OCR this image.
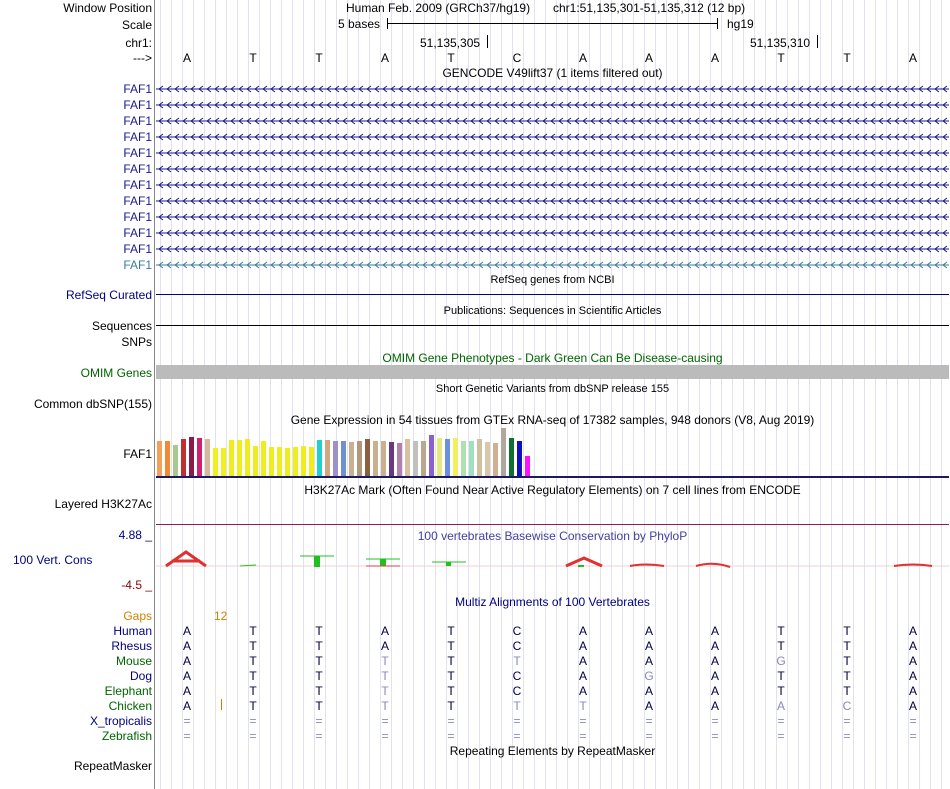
Window Position	Human Feb. 2009 (GRCh37/hg19) chr1:51,135,301-51,135,312 (12 bp)
Scale	5 bases	hg19
chr1:	51,135,305	51,135,310
--->	A	T	T	A	T	C	A	A	A	T	T	A
GENCODE V49lift37 (1 items filtered out)
FAF1
FAF1
FAF1
FAF1
FAF1
FAF1
FAF1
FAF1
FAF1
FAF1
FAF1
FAF1
RefSeq genes from NCBI
RefSeq Curated
Publications: Sequences in Scientific Articles
Sequences
SNPs
OMIM Gene Phenotypes - Dark Green Can Be Disease-causing
OMIM Genes
Short Genetic Variants from dbSNP release 155
Common dbSNP(155)
Gene Expression in 54 tissues from GTEx RNA-seq of 17382 samples, 948 donors (V8, Aug 2019)
FAF1
H3K27Ac Mark (Often Found Near Active Regulatory Elements) on 7 cell lines from ENCODE
Layered H3K27Ac
100 vertebrates Basewise Conservation by PhyloP
4.88 _
100 Vert. Cons
-4.5 _
Multiz Alignments of 100 Vertebrates
Gaps	12
Human	A	T	T	A	T	C	A	A	A	T	T	A
Rhesus	A	T	T	A	T	C	A	A	A	T	T	A
Mouse	A	T	T	T	T	T	A	A	A	G	T	A
Dog	A	T	T	T	T	C	A	G	A	T	T	A
Elephant	A	T	T	T	T	C	A	A	A	T	T	A
Chicken	A	T	T	T	T	T	T	A	A	A	C	A
X_tropicalis	=	=	=	=	=	=	=	=	=	=	=	=
Zebrafish	=	=	=	=	=	=	=	=	=	=	=	=
Repeating Elements by RepeatMasker
RepeatMasker
